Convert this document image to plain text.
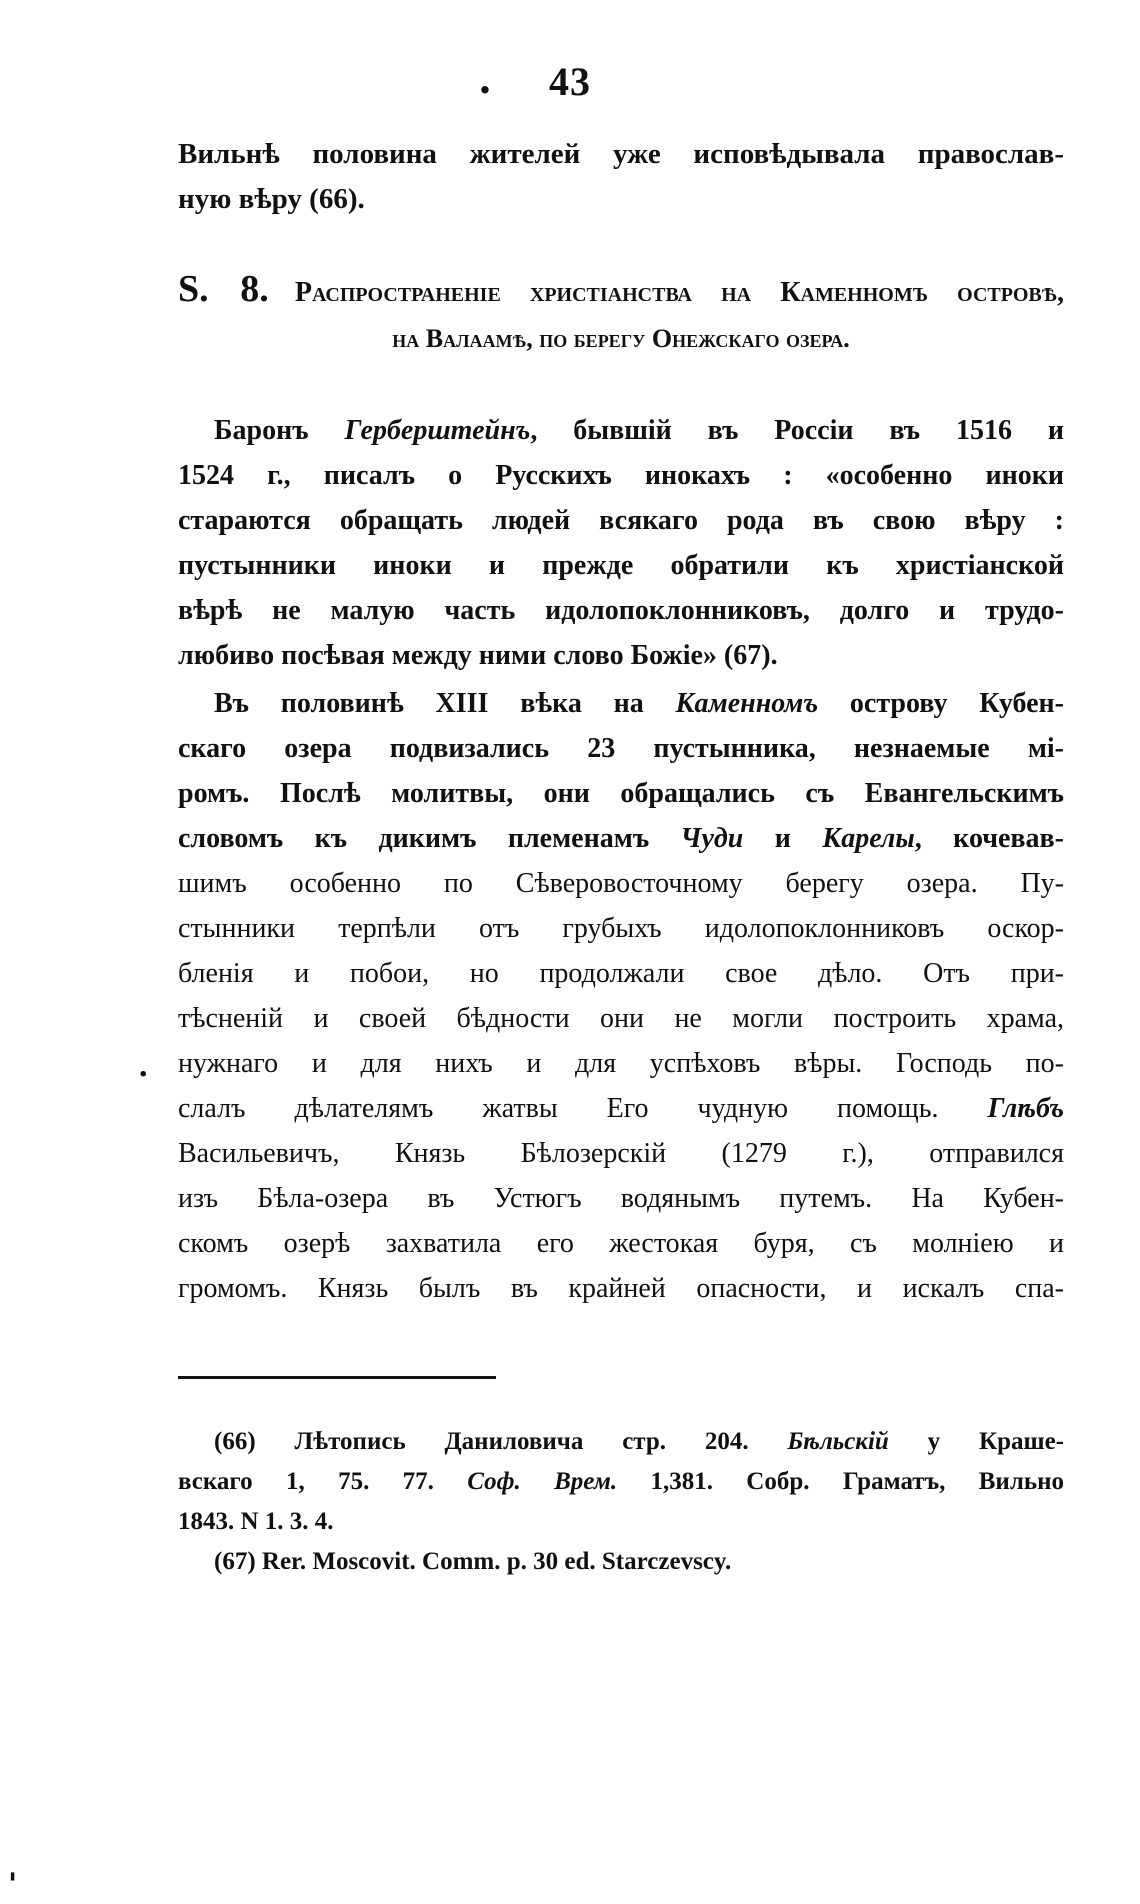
.	43
Вильнѣ половина жителей уже исповѣдывала православ-
ную вѣру (66).
S. 8. Распространеніе христіанства на Каменномъ островѣ,
на Валаамѣ, по берегу Онежскаго озера.
Баронъ Герберштейнъ, бывшій въ Россіи въ 1516 и
1524 г., писалъ о Русскихъ инокахъ : «особенно иноки
стараются обращать людей всякаго рода въ свою вѣру :
пустынники иноки и прежде обратили къ христіанской
вѣрѣ не малую часть идолопоклонниковъ, долго и трудо-
любиво посѣвая между ними слово Божіе» (67).
Въ половинѣ XIII вѣка на Каменномъ острову Кубен-
скаго озера подвизались 23 пустынника, незнаемые мі-
ромъ. Послѣ молитвы, они обращались съ Евангельскимъ
словомъ къ дикимъ племенамъ Чуди и Карелы, кочевав-
шимъ особенно по Сѣверовосточному берегу озера. Пу-
стынники терпѣли отъ грубыхъ идолопоклонниковъ оскор-
бленія и побои, но продолжали свое дѣло. Отъ при-
тѣсненій и своей бѣдности они не могли построить храма,
нужнаго и для нихъ и для успѣховъ вѣры. Господь по-
слалъ дѣлателямъ жатвы Его чудную помощь. Глѣбъ
Васильевичъ, Князь Бѣлозерскій (1279 г.), отправился
изъ Бѣла-озера въ Устюгъ водянымъ путемъ. На Кубен-
скомъ озерѣ захватила его жестокая буря, съ молніею и
громомъ. Князь былъ въ крайней опасности, и искалъ спа-
.
(66) Лѣтопись Даниловича стр. 204. Бѣльскій у Краше-
вскаго 1, 75. 77. Соф. Врем. 1,381. Собр. Граматъ, Вильно
1843. N 1. 3. 4.
(67) Rer. Moscovit. Comm. p. 30 ed. Starczevscy.
'
